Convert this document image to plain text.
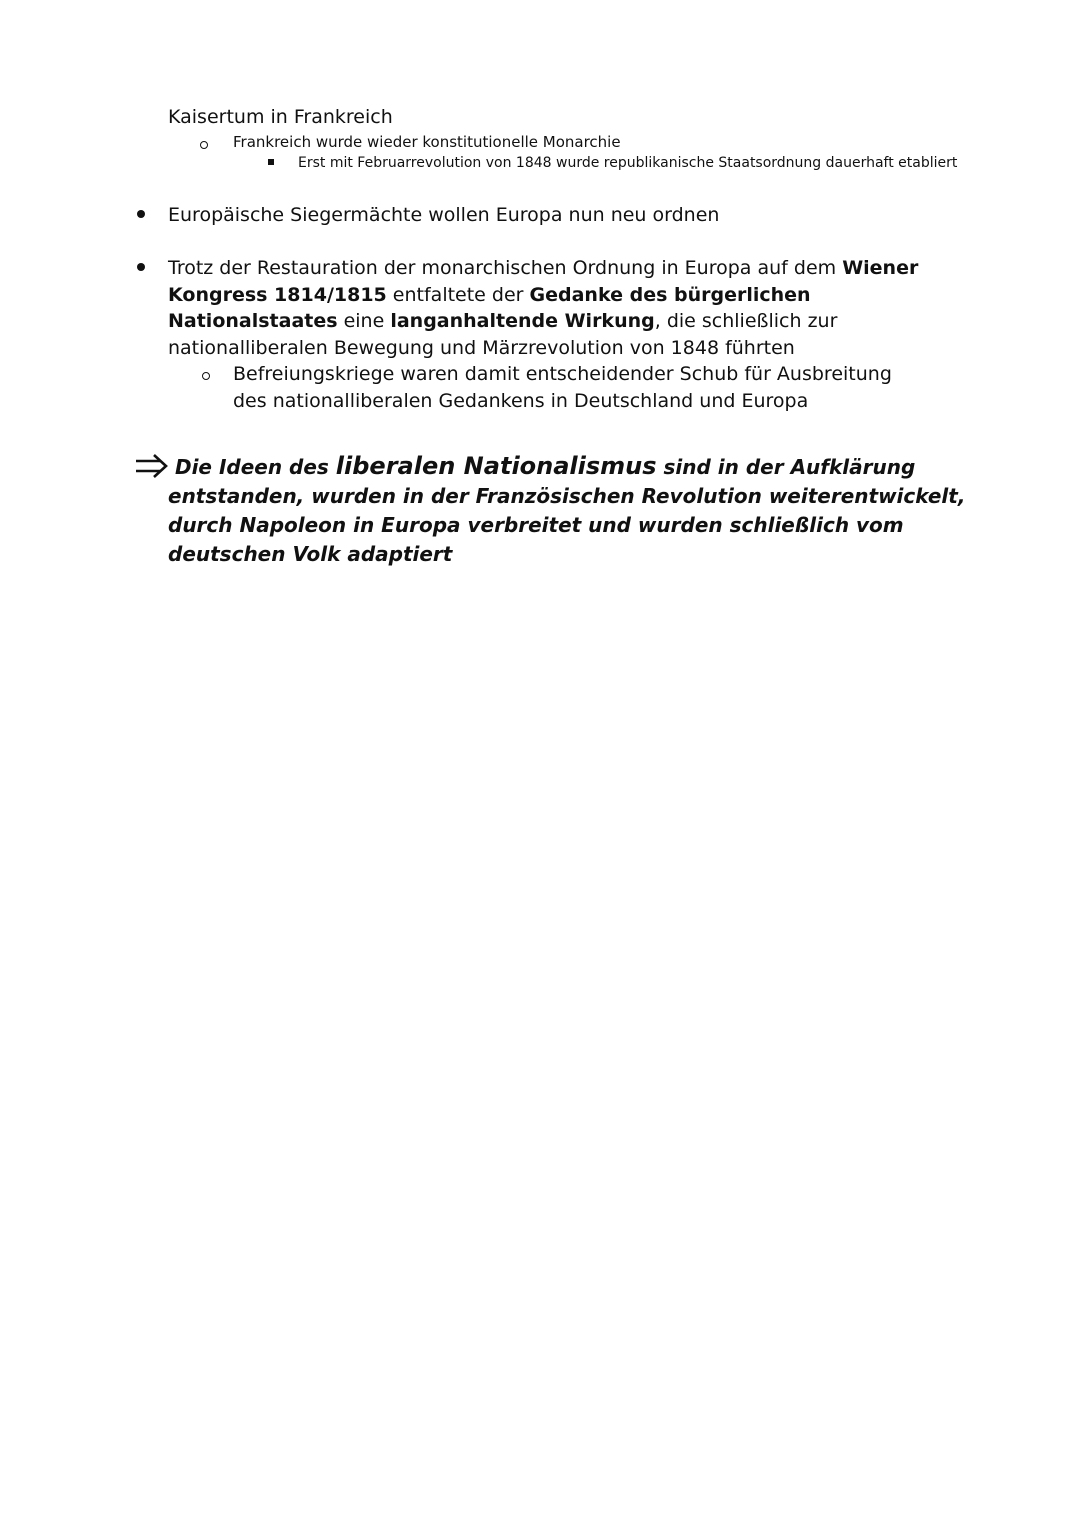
Kaisertum in Frankreich
Frankreich wurde wieder konstitutionelle Monarchie
Erst mit Februarrevolution von 1848 wurde republikanische Staatsordnung dauerhaft etabliert
Europäische Siegermächte wollen Europa nun neu ordnen
Trotz der Restauration der monarchischen Ordnung in Europa auf dem Wiener Kongress 1814/1815 entfaltete der Gedanke des bürgerlichen Nationalstaates eine langanhaltende Wirkung, die schließlich zur nationalliberalen Bewegung und Märzrevolution von 1848 führten
Befreiungskriege waren damit entscheidender Schub für Ausbreitung des nationalliberalen Gedankens in Deutschland und Europa
Die Ideen des liberalen Nationalismus sind in der Aufklärung entstanden, wurden in der Französischen Revolution weiterentwickelt, durch Napoleon in Europa verbreitet und wurden schließlich vom deutschen Volk adaptiert
